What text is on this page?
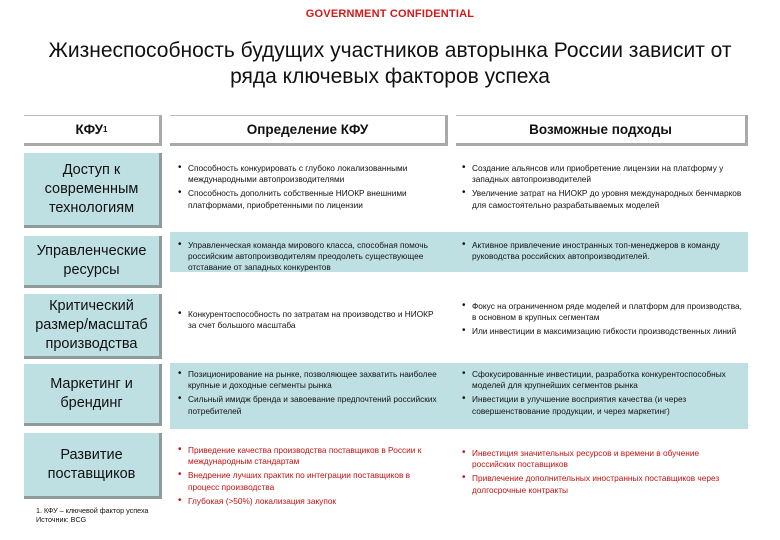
GOVERNMENT CONFIDENTIAL
Жизнеспособность будущих участников авторынка России зависит от
ряда ключевых факторов успеха
КФУ 1	Определение КФУ	Возможные подходы
Доступ к современным технологиям
Управленческие ресурсы
Критический размер/масштаб производства
Маркетинг и брендинг
Развитие поставщиков
• Способность конкурировать с глубоко локализованными международными автопроизводителями
• Способность дополнить собственные НИОКР внешними платформами, приобретенными по лицензии
• Создание альянсов или приобретение лицензии на платформу у западных автопроизводителей
• Увеличение затрат на НИОКР до уровня международных бенчмарков для самостоятельно разрабатываемых моделей
• Управленческая команда мирового класса, способная помочь российским автопроизводителям преодолеть существующее отставание от западных конкурентов
• Активное привлечение иностранных топ-менеджеров в команду руководства российских автопроизводителей.
• Конкурентоспособность по затратам на производство и НИОКР за счет большого масштаба
• Фокус на ограниченном ряде моделей и платформ для производства, в основном в крупных сегментам
• Или инвестиции в максимизацию гибкости производственных линий
• Позиционирование на рынке, позволяющее захватить наиболее крупные и доходные сегменты рынка
• Сильный имидж бренда и завоевание предпочтений российских потребителей
• Сфокусированные инвестиции, разработка конкурентоспособных моделей для крупнейших сегментов рынка
• Инвестиции в улучшение восприятия качества (и через совершенствование продукции, и через маркетинг)
• Приведение качества производства поставщиков в России к международным стандартам
• Внедрение лучших практик по интеграции поставщиков в процесс производства
• Глубокая (>50%) локализация закупок
• Инвестиция значительных ресурсов и времени в обучение российских поставщиков
• Привлечение дополнительных иностранных поставщиков через долгосрочные контракты
1. КФУ – ключевой фактор успеха
Источник: BCG
